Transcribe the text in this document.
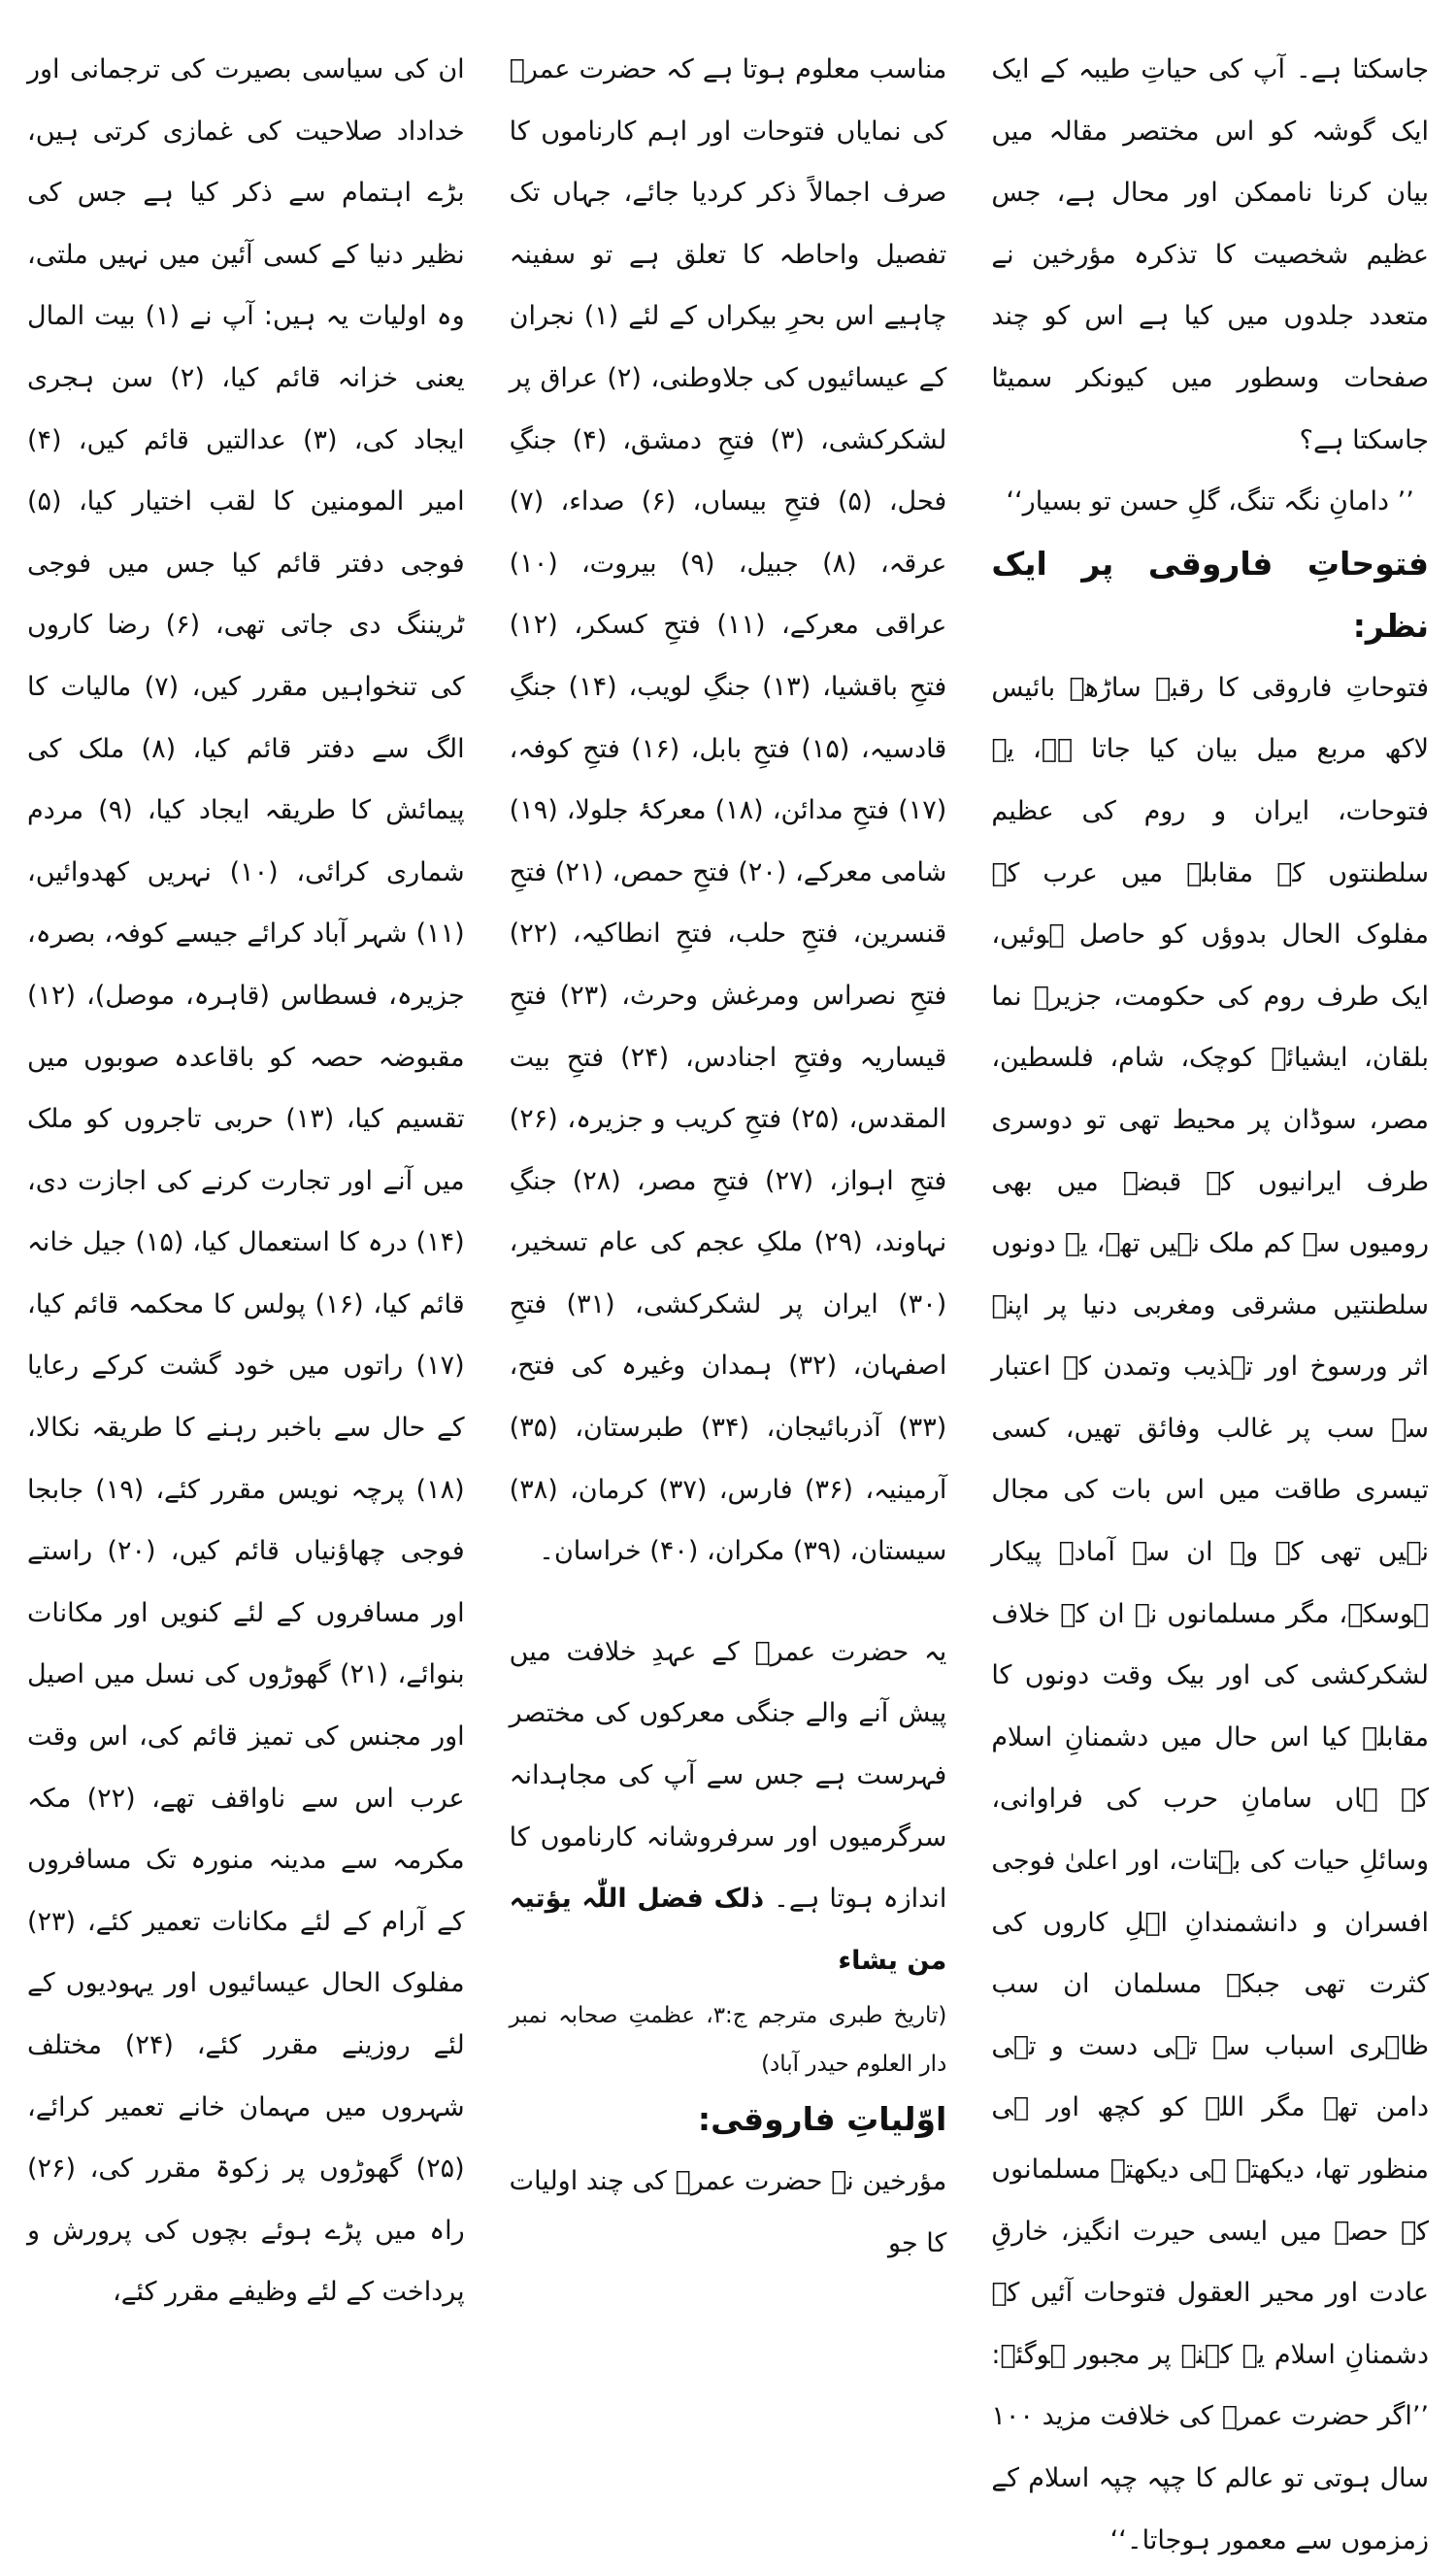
جاسکتا ہے۔ آپ کی حیاتِ طیبہ کے ایک ایک گوشہ کو اس مختصر مقالہ میں بیان کرنا ناممکن اور محال ہے، جس عظیم شخصیت کا تذکرہ مؤرخین نے متعدد جلدوں میں کیا ہے اس کو چند صفحات وسطور میں کیونکر سمیٹا جاسکتا ہے؟

’’ دامانِ نگہ تنگ، گلِ حسن تو بسیار‘‘

فتوحاتِ فاروقی پر ایک نظر:

فتوحاتِ فاروقی کا رقبہ ساڑھے بائیس لاکھ مربع میل بیان کیا جاتا ہے، یہ فتوحات، ایران و روم کی عظیم سلطنتوں کے مقابلہ میں عرب کے مفلوک الحال بدوؤں کو حاصل ہوئیں، ایک طرف روم کی حکومت، جزیرہ نما بلقان، ایشیائے کوچک، شام، فلسطین، مصر، سوڈان پر محیط تھی تو دوسری طرف ایرانیوں کے قبضہ میں بھی رومیوں سے کم ملک نہیں تھے، یہ دونوں سلطنتیں مشرقی ومغربی دنیا پر اپنے اثر ورسوخ اور تہذیب وتمدن کے اعتبار سے سب پر غالب وفائق تھیں، کسی تیسری طاقت میں اس بات کی مجال نہیں تھی کہ وہ ان سے آمادۂ پیکار ہوسکے، مگر مسلمانوں نے ان کے خلاف لشکرکشی کی اور بیک وقت دونوں کا مقابلہ کیا اس حال میں دشمنانِ اسلام کے ہاں سامانِ حرب کی فراوانی، وسائلِ حیات کی بہتات، اور اعلیٰ فوجی افسران و دانشمندانِ اہلِ کاروں کی کثرت تھی جبکہ مسلمان ان سب ظاہری اسباب سے تہی دست و تہی دامن تھے مگر اللہ کو کچھ اور ہی منظور تھا، دیکھتے ہی دیکھتے مسلمانوں کے حصے میں ایسی حیرت انگیز، خارقِ عادت اور محیر العقول فتوحات آئیں کہ دشمنانِ اسلام یہ کہنے پر مجبور ہوگئے: ’’اگر حضرت عمرؓ کی خلافت مزید ۱۰۰ سال ہوتی تو عالم کا چپہ چپہ اسلام کے زمزموں سے معمور ہوجاتا۔‘‘

مناسب معلوم ہوتا ہے کہ حضرت عمرؓ کی نمایاں فتوحات اور اہم کارناموں کا صرف اجمالاً ذکر کردیا جائے، جہاں تک تفصیل واحاطہ کا تعلق ہے تو سفینہ چاہیے اس بحرِ بیکراں کے لئے (۱) نجران کے عیسائیوں کی جلاوطنی، (۲) عراق پر لشکرکشی، (۳) فتحِ دمشق، (۴) جنگِ فحل، (۵) فتحِ بیساں، (۶) صداء، (۷) عرقہ، (۸) جبیل، (۹) بیروت، (۱۰) عراقی معرکے، (۱۱) فتحِ کسکر، (۱۲) فتحِ باقشیا، (۱۳) جنگِ لویب، (۱۴) جنگِ قادسیہ، (۱۵) فتحِ بابل، (۱۶) فتحِ کوفہ، (۱۷) فتحِ مدائن، (۱۸) معرکۂ جلولا، (۱۹) شامی معرکے، (۲۰) فتحِ حمص، (۲۱) فتحِ قنسرین، فتحِ حلب، فتحِ انطاکیہ، (۲۲) فتحِ نصراس ومرغش وحرث، (۲۳) فتحِ قیساریہ وفتحِ اجنادس، (۲۴) فتحِ بیت المقدس، (۲۵) فتحِ کریب و جزیرہ، (۲۶) فتحِ اہواز، (۲۷) فتحِ مصر، (۲۸) جنگِ نہاوند، (۲۹) ملکِ عجم کی عام تسخیر، (۳۰) ایران پر لشکرکشی، (۳۱) فتحِ اصفہان، (۳۲) ہمدان وغیرہ کی فتح، (۳۳) آذربائیجان، (۳۴) طبرستان، (۳۵) آرمینیہ، (۳۶) فارس، (۳۷) کرمان، (۳۸) سیستان، (۳۹) مکران، (۴۰) خراسان۔

یہ حضرت عمرؓ کے عہدِ خلافت میں پیش آنے والے جنگی معرکوں کی مختصر فہرست ہے جس سے آپ کی مجاہدانہ سرگرمیوں اور سرفروشانہ کارناموں کا اندازہ ہوتا ہے۔ ذلک فضل اللّٰہ یؤتیہ من یشاء

(تاریخ طبری مترجم ج:۳، عظمتِ صحابہ نمبر دار العلوم حیدر آباد)

اوّلیاتِ فاروقی:

مؤرخین نے حضرت عمرؓ کی چند اولیات کا جو

ان کی سیاسی بصیرت کی ترجمانی اور خداداد صلاحیت کی غمازی کرتی ہیں، بڑے اہتمام سے ذکر کیا ہے جس کی نظیر دنیا کے کسی آئین میں نہیں ملتی، وہ اولیات یہ ہیں: آپ نے (۱) بیت المال یعنی خزانہ قائم کیا، (۲) سن ہجری ایجاد کی، (۳) عدالتیں قائم کیں، (۴) امیر المومنین کا لقب اختیار کیا، (۵) فوجی دفتر قائم کیا جس میں فوجی ٹریننگ دی جاتی تھی، (۶) رضا کاروں کی تنخواہیں مقرر کیں، (۷) مالیات کا الگ سے دفتر قائم کیا، (۸) ملک کی پیمائش کا طریقہ ایجاد کیا، (۹) مردم شماری کرائی، (۱۰) نہریں کھدوائیں، (۱۱) شہر آباد کرائے جیسے کوفہ، بصرہ، جزیرہ، فسطاس (قاہرہ، موصل)، (۱۲) مقبوضہ حصہ کو باقاعدہ صوبوں میں تقسیم کیا، (۱۳) حربی تاجروں کو ملک میں آنے اور تجارت کرنے کی اجازت دی، (۱۴) درہ کا استعمال کیا، (۱۵) جیل خانہ قائم کیا، (۱۶) پولس کا محکمہ قائم کیا، (۱۷) راتوں میں خود گشت کرکے رعایا کے حال سے باخبر رہنے کا طریقہ نکالا، (۱۸) پرچہ نویس مقرر کئے، (۱۹) جابجا فوجی چھاؤنیاں قائم کیں، (۲۰) راستے اور مسافروں کے لئے کنویں اور مکانات بنوائے، (۲۱) گھوڑوں کی نسل میں اصیل اور مجنس کی تمیز قائم کی، اس وقت عرب اس سے ناواقف تھے، (۲۲) مکہ مکرمہ سے مدینہ منورہ تک مسافروں کے آرام کے لئے مکانات تعمیر کئے، (۲۳) مفلوک الحال عیسائیوں اور یہودیوں کے لئے روزینے مقرر کئے، (۲۴) مختلف شہروں میں مہمان خانے تعمیر کرائے، (۲۵) گھوڑوں پر زکوۃ مقرر کی، (۲۶) راہ میں پڑے ہوئے بچوں کی پرورش و پرداخت کے لئے وظیفے مقرر کئے،
